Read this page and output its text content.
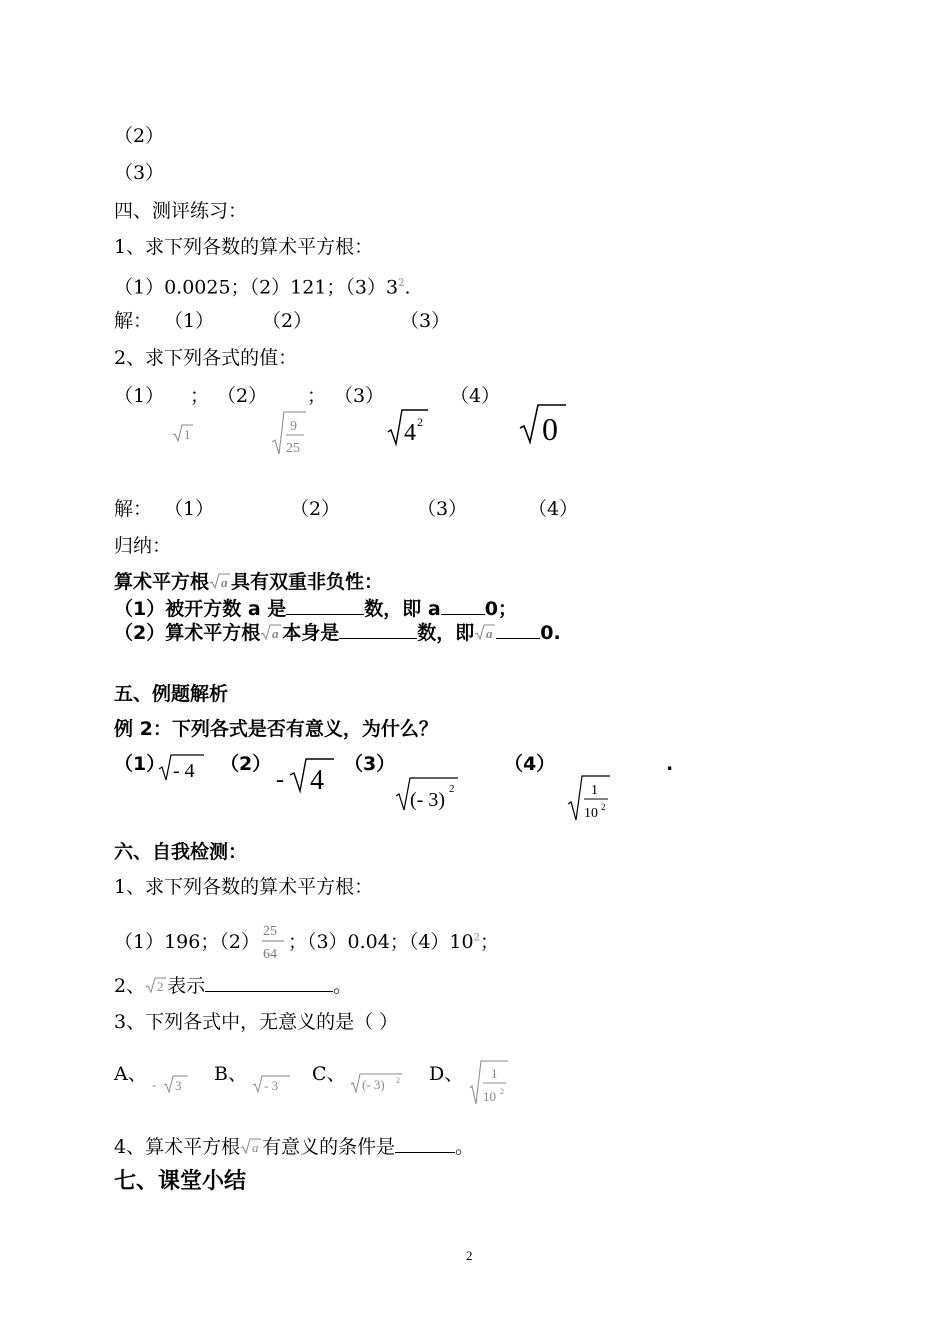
（2）
（3）
四、测评练习：
1、求下列各数的算术平方根：
（1）0.0025；（2）121；$(3)3^2$.
解： （1）	（2）	（3）
2、求下列各式的值：
（1） ； （2） ； （3）	（4）
1
9
25
4 2	0
解： （1）	（2）	（3）	（4）
归纳：
算术平方根 a 具有双重非负性：
（1）被开方数 a 是	数，即 a 0；
（2）算术平方根 a 本身是	数，即 a	0.
五、例题解析
例 2：下列各式是否有意义，为什么？
（1）	（2）	（3）	（4）	.
- 4	- 4
(- 3) 2	1
10 2
六、自我检测：
1、求下列各数的算术平方根：
（1）196；（2） 25
64
；（3）0.04；$(4)10^2$；
2、 2 表示	。
3、下列各式中，无意义的是（ ）
A、	B、	C、	D、
- 3	- 3	(- 3) 2	1
10 2
4、算术平方根 a 有意义的条件是	。
七、课堂小结
2
